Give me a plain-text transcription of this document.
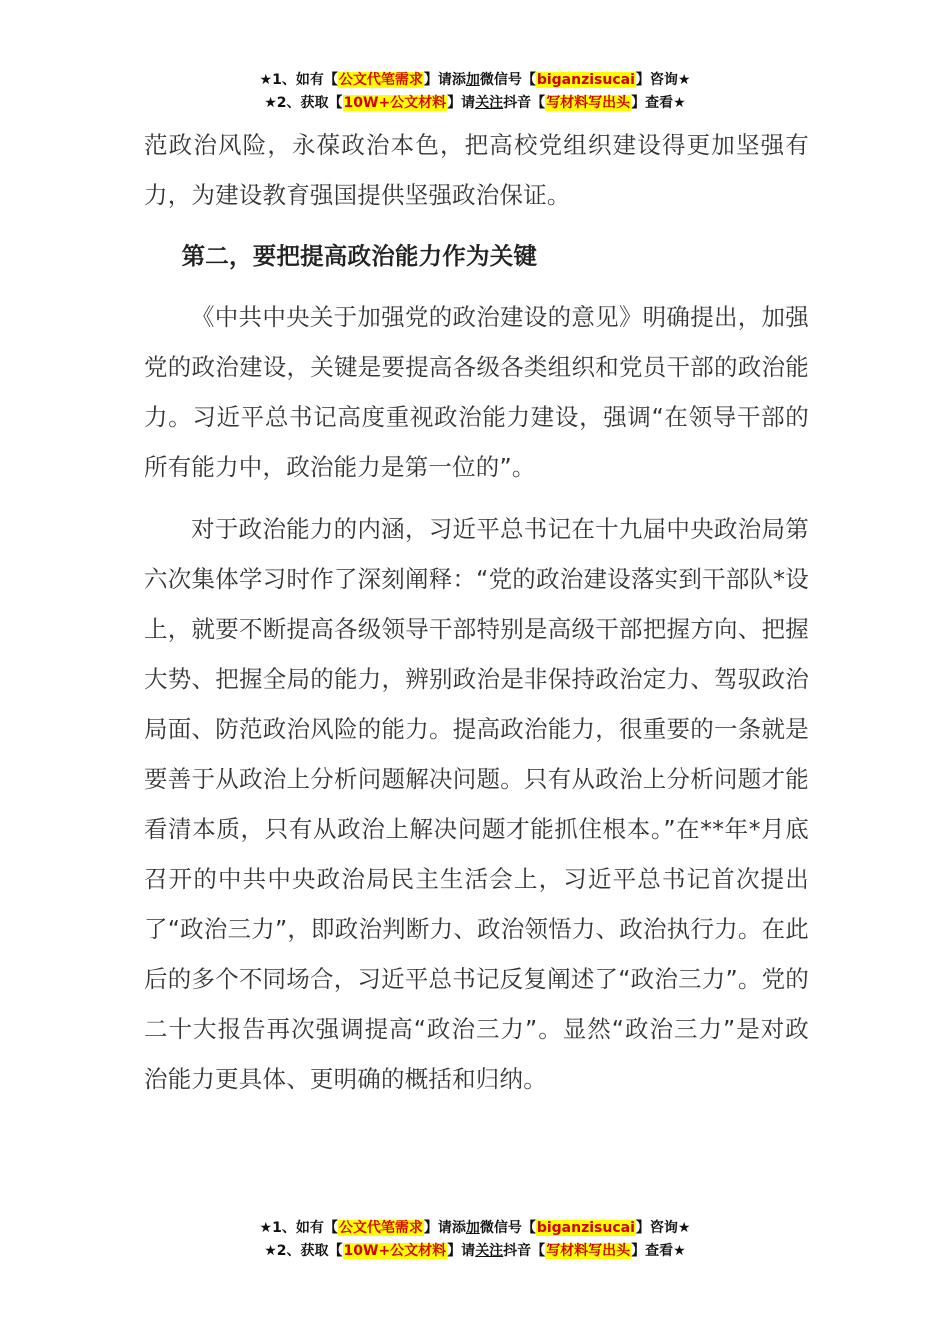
★1、如有【公文代笔需求】请添加微信号【biganzisucai】咨询★
★2、获取【10W+公文材料】请关注抖音【写材料写出头】查看★

范政治风险，永葆政治本色，把高校党组织建设得更加坚强有力，为建设教育强国提供坚强政治保证。

第二，要把提高政治能力作为关键

《中共中央关于加强党的政治建设的意见》明确提出，加强党的政治建设，关键是要提高各级各类组织和党员干部的政治能力。习近平总书记高度重视政治能力建设，强调“在领导干部的所有能力中，政治能力是第一位的”。

对于政治能力的内涵，习近平总书记在十九届中央政治局第六次集体学习时作了深刻阐释：“党的政治建设落实到干部队*设上，就要不断提高各级领导干部特别是高级干部把握方向、把握大势、把握全局的能力，辨别政治是非保持政治定力、驾驭政治局面、防范政治风险的能力。提高政治能力，很重要的一条就是要善于从政治上分析问题解决问题。只有从政治上分析问题才能看清本质，只有从政治上解决问题才能抓住根本。”在**年*月底召开的中共中央政治局民主生活会上，习近平总书记首次提出了“政治三力”，即政治判断力、政治领悟力、政治执行力。在此后的多个不同场合，习近平总书记反复阐述了“政治三力”。党的二十大报告再次强调提高“政治三力”。显然“政治三力”是对政治能力更具体、更明确的概括和归纳。

★1、如有【公文代笔需求】请添加微信号【biganzisucai】咨询★
★2、获取【10W+公文材料】请关注抖音【写材料写出头】查看★
